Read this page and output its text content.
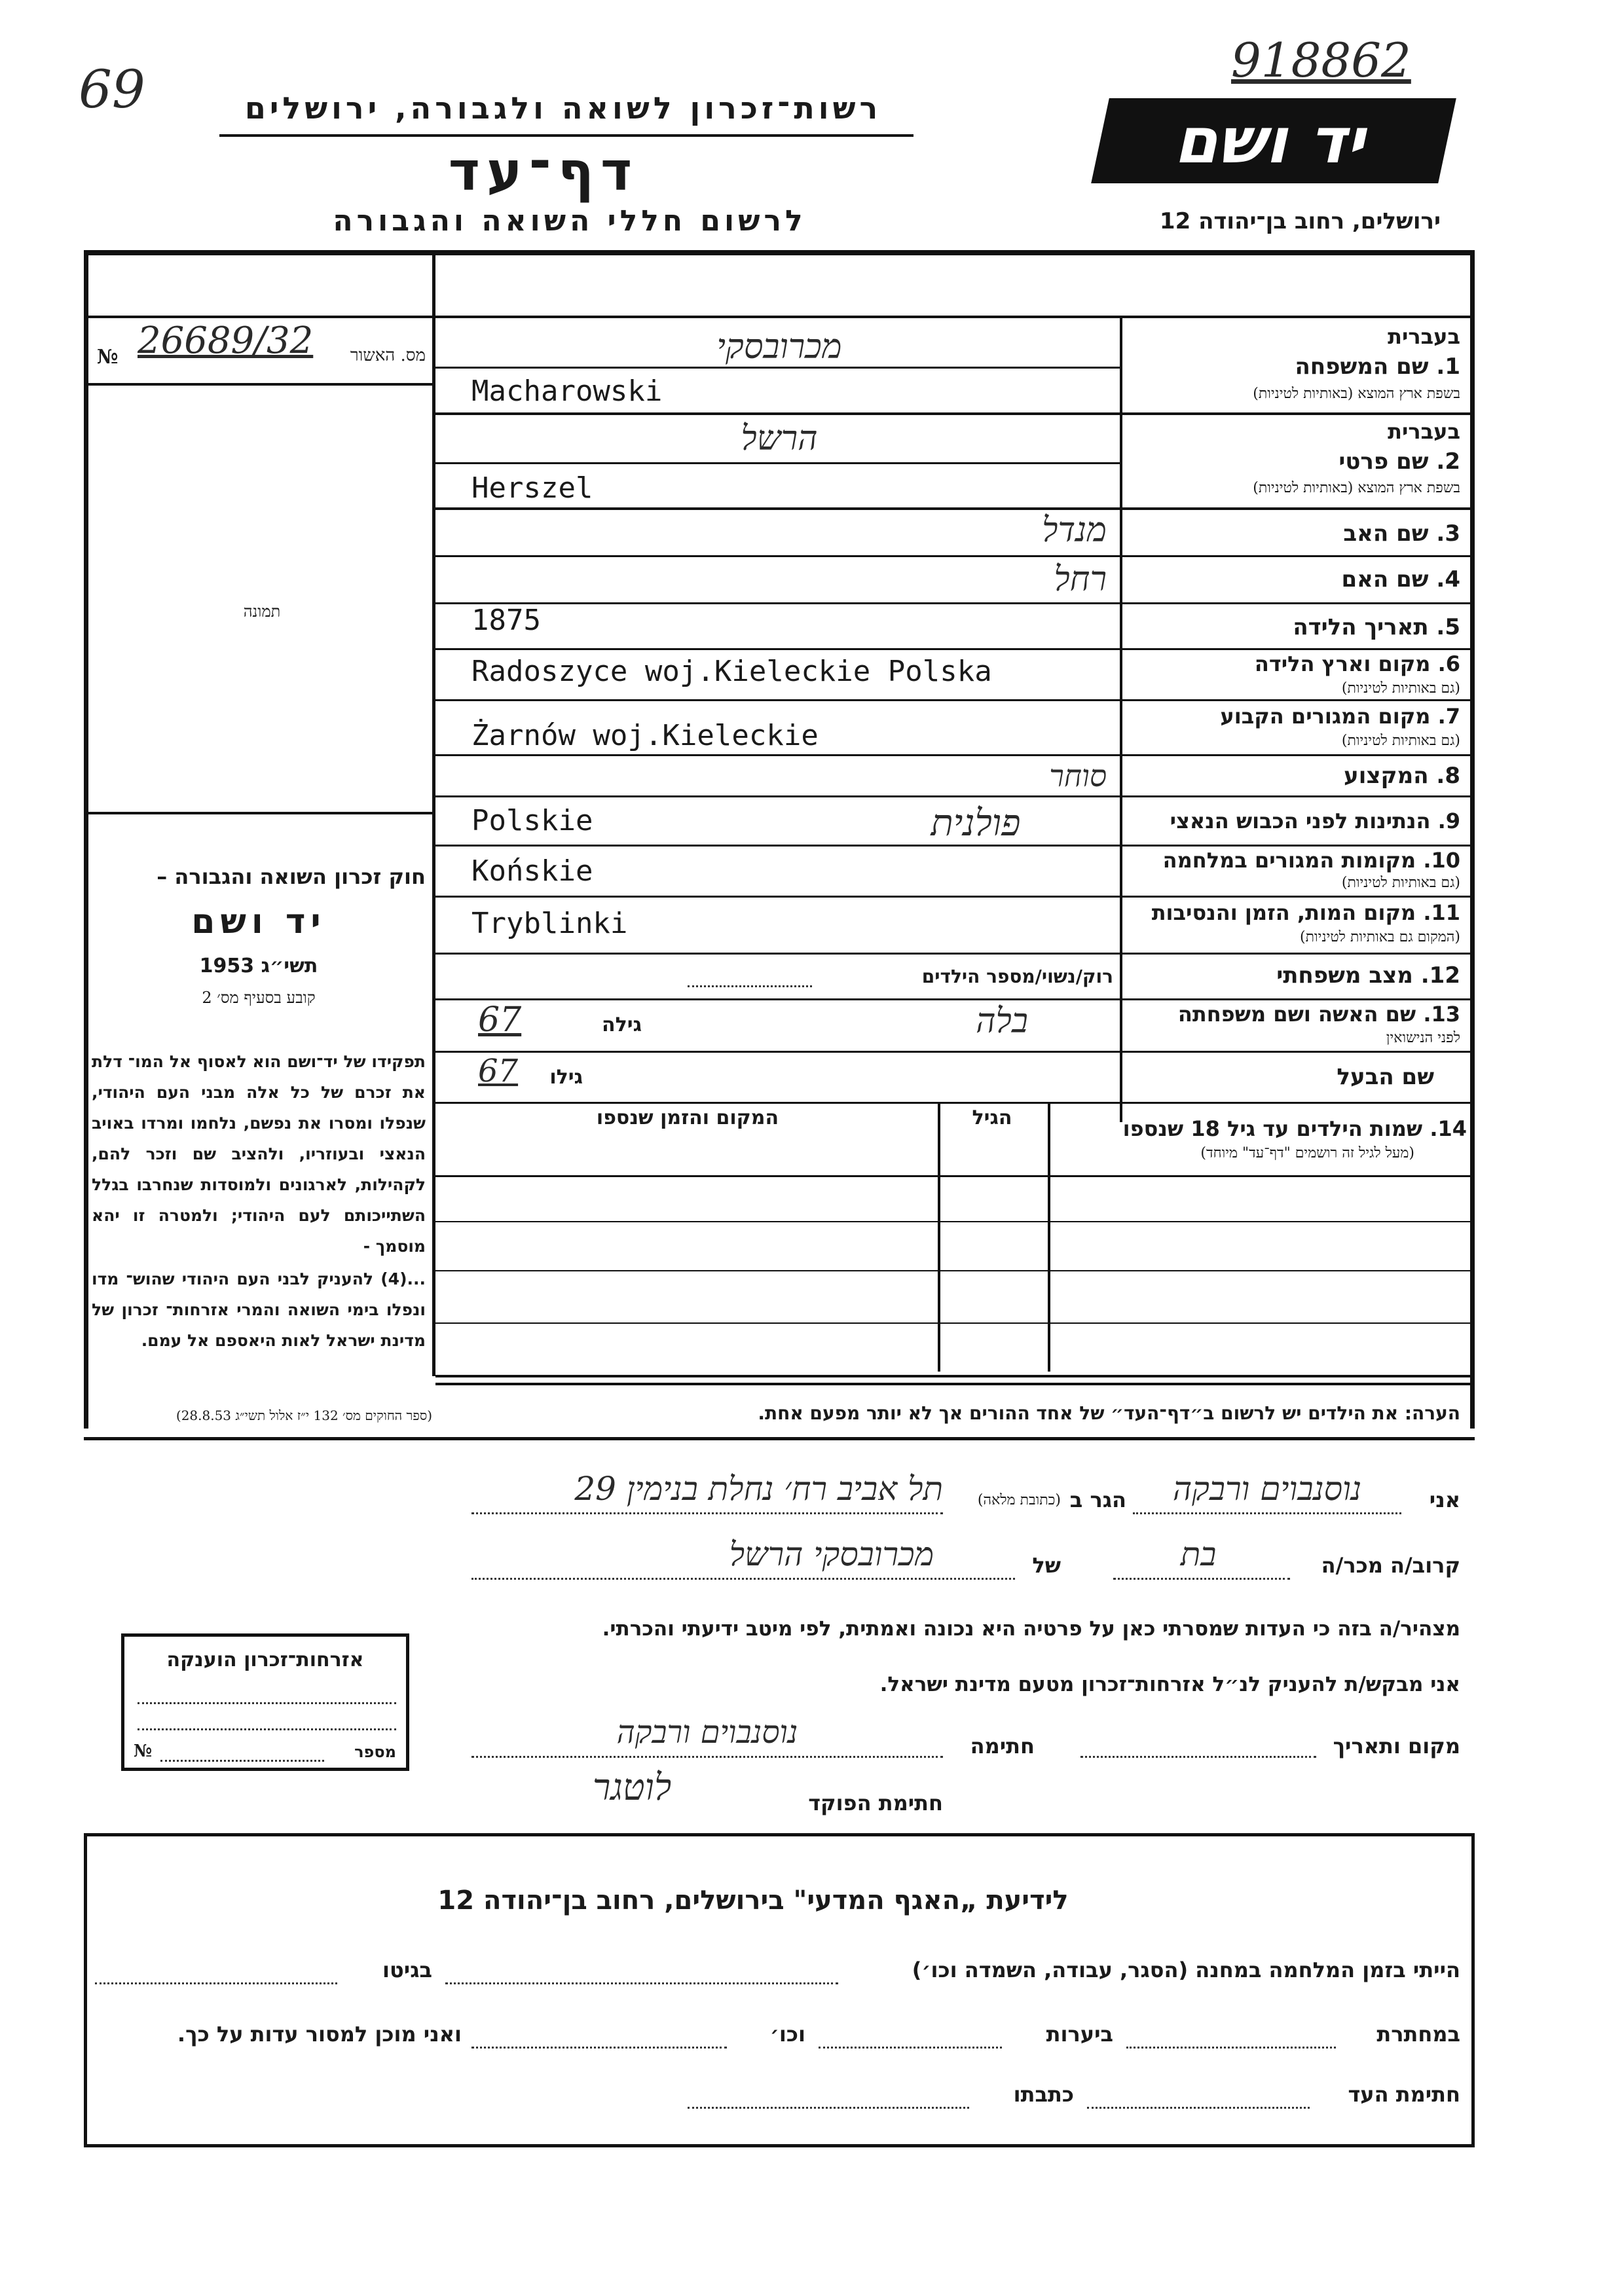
69	918862
רשות־זכרון לשואה ולגבורה, ירושלים
דף־עד
לרשום חללי השואה והגבורה
יד ושם
ירושלים, רחוב בן־יהודה 12
№ 26689/32	מס. האשור
תמונה
בעברית
1. שם המשפחה
בשפת ארץ המוצא (באותיות לטיניות)
מכרובסקי
Macharowski
בעברית
2. שם פרטי
בשפת ארץ המוצא (באותיות לטיניות)
הרשל
Herszel
3. שם האב
מנדל
4. שם האם
רחל
5. תאריך הלידה
1875
6. מקום וארץ הלידה
(גם באותיות לטיניות)
Radoszyce woj.Kieleckie Polska
7. מקום המגורים הקבוע
(גם באותיות לטיניות)
Żarnów woj.Kieleckie
8. המקצוע
סוחר
9. הנתינות לפני הכבוש הנאצי
Polskie	פולנית
10. מקומות המגורים במלחמה
(גם באותיות לטיניות)
Końskie
11. מקום המות, הזמן והנסיבות
(המקום גם באותיות לטיניות)
Tryblinki
12. מצב משפחתי
רוק/נשוי/מספר הילדים
13. שם האשה ושם משפחתה
לפני הנישואין
בלה
גילה
67
שם הבעל
גילו
67
14. שמות הילדים עד גיל 18 שנספו
(מעל לגיל זה רושמים "דף־עד" מיוחד)
הגיל
המקום והזמן שנספו
חוק זכרון השואה והגבורה –
יד ושם
תשי״ג 1953
קובע בסעיף מס׳ 2
תפקידו של יד־ושם הוא לאסוף אל המו־ דלת את זכרם של כל אלה מבני העם היהודי, שנפלו ומסרו את נפשם, נלחמו ומרדו באויב הנאצי ובעוזריו, ולהציב שם וזכר להם, לקהילות, לארגונים ולמוסדות שנחרבו בגלל השתייכותם לעם היהודי; ולמטרה זו יהא מוסמך -
...(4) להעניק לבני העם היהודי שהוש־ מדו ונפלו בימי השואה והמרי אזרחות־ זכרון של מדינת ישראל לאות היאספם אל עמם.
(ספר החוקים מס׳ 132 י״ז אלול תשי״ג 28.8.53)	הערה: את הילדים יש לרשום ב״דף־העד״ של אחד ההורים אך לא יותר מפעם אחת.
אני
נוסנבוים ורבקה
הגר ב
(כתובת מלאה)
תל אביב רח׳ נחלת בנימין 29
קרוב/ה מכר/ה
בת
של
מכרובסקי הרשל
מצהיר/ה בזה כי העדות שמסרתי כאן על פרטיה היא נכונה ואמתית, לפי מיטב ידיעתי והכרתי.
אני מבקש/ת להעניק לנ״ל אזרחות־זכרון מטעם מדינת ישראל.
מקום ותאריך
חתימה
נוסנבוים ורבקה
חתימת הפוקד
לוטגר
אזרחות־זכרון הוענקה
№	מספר
לידיעת „האגף המדעי" בירושלים, רחוב בן־יהודה 12
הייתי בזמן המלחמה במחנה (הסגר, עבודה, השמדה וכו׳)
בגיטו
במחתרת
ביערות
וכו׳
ואני מוכן למסור עדות על כך.
חתימת העד
כתבתו
